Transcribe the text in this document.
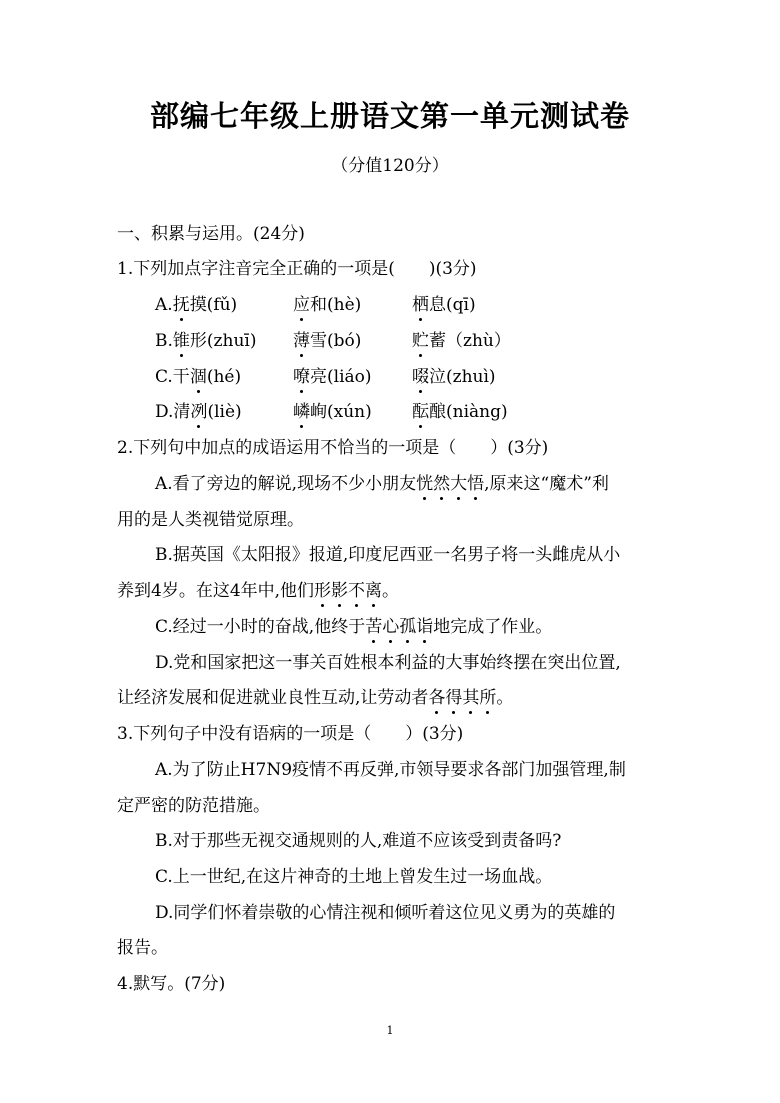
部编七年级上册语文第一单元测试卷
（分值120分）
一、积累与运用。(24分)
1.下列加点字注音完全正确的一项是(　　)(3分)
A.抚摸(fǔ)	应和(hè)	栖息(qī)
B.锥形(zhuī)	薄雪(bó)	贮蓄（zhù）
C.干涸(hé)	嘹亮(liáo)	啜泣(zhuì)
D.清冽(liè)	嶙峋(xún)	酝酿(niàng)
2.下列句中加点的成语运用不恰当的一项是（　　）(3分)
A.看了旁边的解说,现场不少小朋友恍然大悟,原来这“魔术”利
用的是人类视错觉原理。
B.据英国《太阳报》报道,印度尼西亚一名男子将一头雌虎从小
养到4岁。在这4年中,他们形影不离。
C.经过一小时的奋战,他终于苦心孤诣地完成了作业。
D.党和国家把这一事关百姓根本利益的大事始终摆在突出位置,
让经济发展和促进就业良性互动,让劳动者各得其所。
3.下列句子中没有语病的一项是（　　）(3分)
A.为了防止H7N9疫情不再反弹,市领导要求各部门加强管理,制
定严密的防范措施。
B.对于那些无视交通规则的人,难道不应该受到责备吗?
C.上一世纪,在这片神奇的土地上曾发生过一场血战。
D.同学们怀着崇敬的心情注视和倾听着这位见义勇为的英雄的
报告。
4.默写。(7分)
1
